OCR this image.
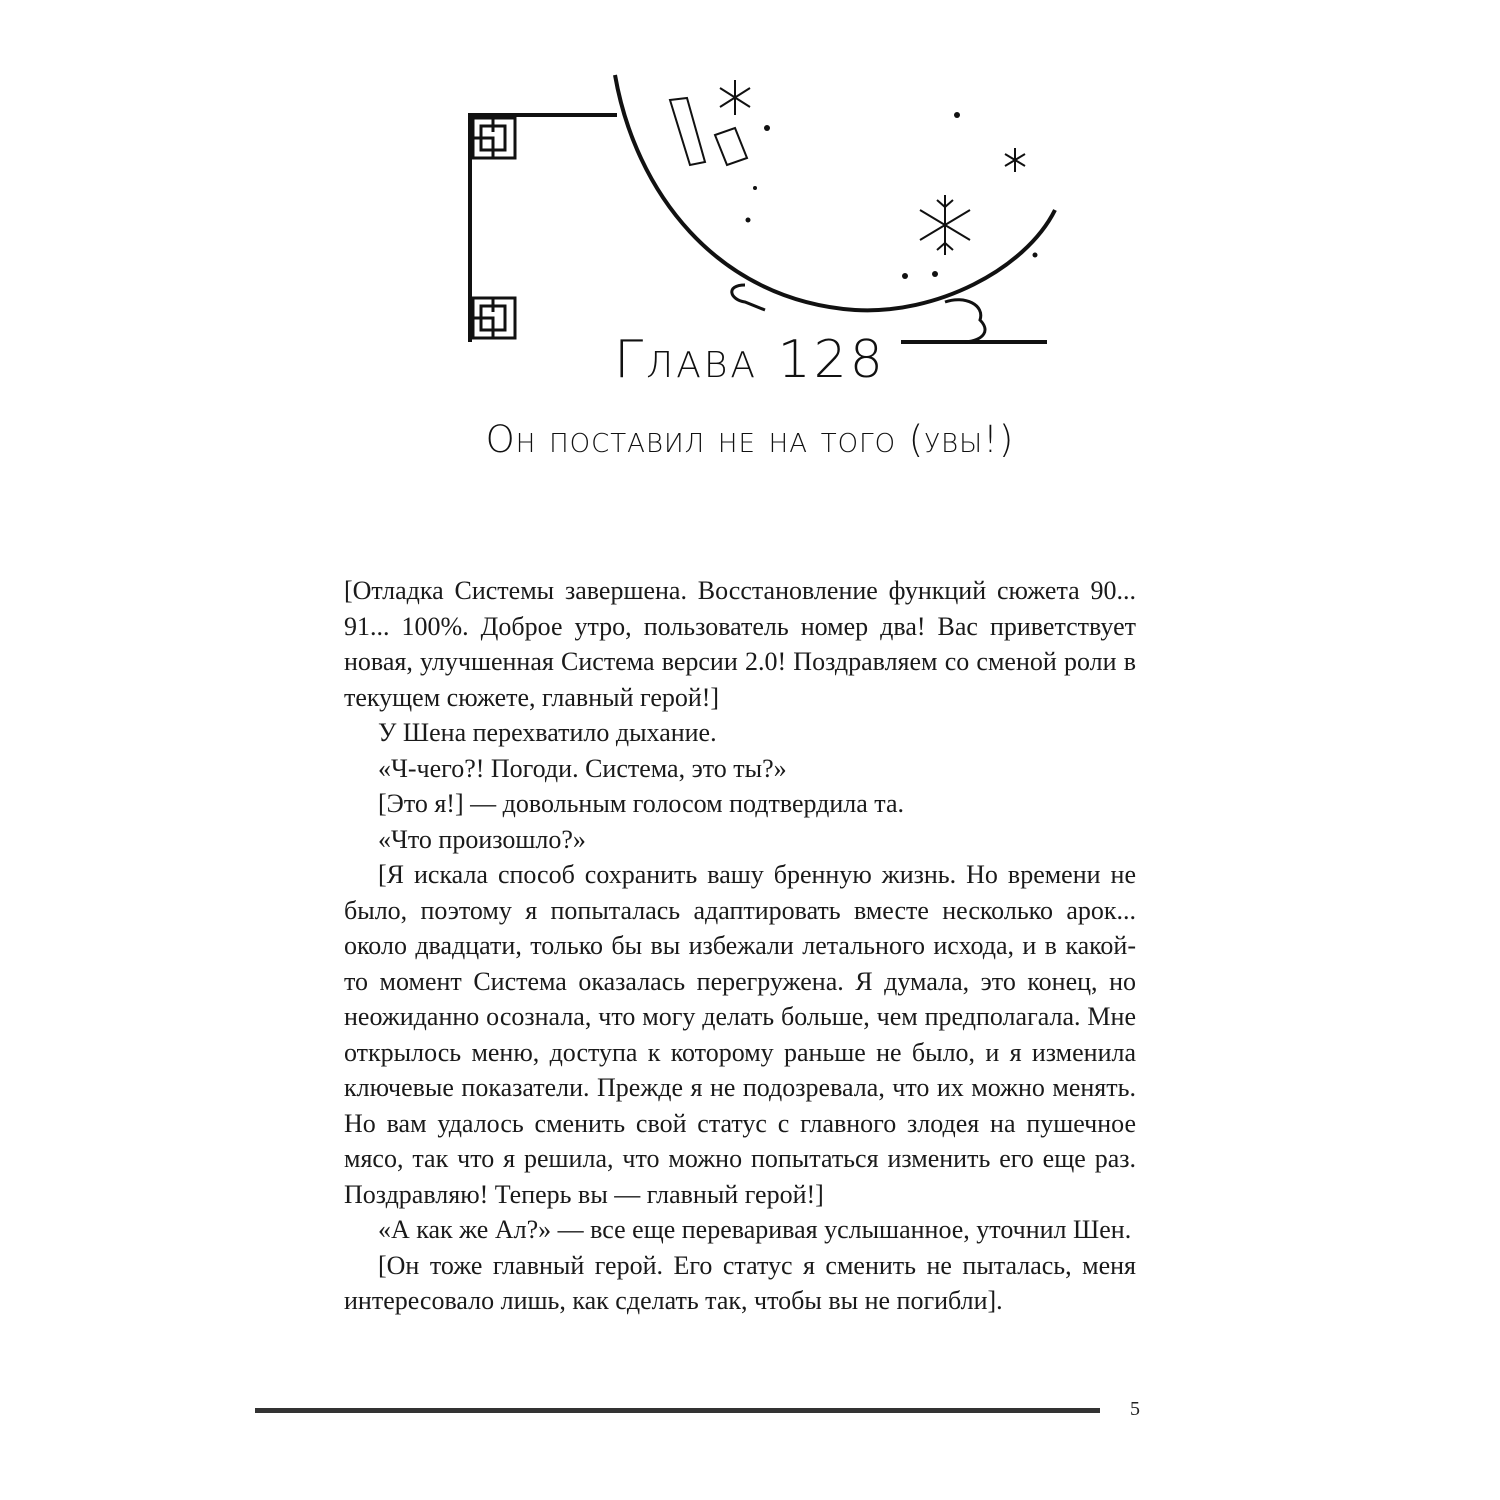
Глава 128
Он поставил не на того (увы!)

[Отладка Системы завершена. Восстановление функций сюжета 90... 91... 100%. Доброе утро, пользователь номер два! Вас приветствует новая, улучшенная Система версии 2.0! Поздравляем со сменой роли в текущем сюжете, главный герой!]

У Шена перехватило дыхание.

«Ч-чего?! Погоди. Система, это ты?»

[Это я!] — довольным голосом подтвердила та.

«Что произошло?»

[Я искала способ сохранить вашу бренную жизнь. Но времени не было, поэтому я попыталась адаптировать вместе несколько арок... около двадцати, только бы вы избежали летального исхода, и в какой-то момент Система оказалась перегружена. Я думала, это конец, но неожиданно осознала, что могу делать больше, чем предполагала. Мне открылось меню, доступа к которому раньше не было, и я изменила ключевые показатели. Прежде я не подозревала, что их можно менять. Но вам удалось сменить свой статус с главного злодея на пушечное мясо, так что я решила, что можно попытаться изменить его еще раз. Поздравляю! Теперь вы — главный герой!]

«А как же Ал?» — все еще переваривая услышанное, уточнил Шен.

[Он тоже главный герой. Его статус я сменить не пыталась, меня интересовало лишь, как сделать так, чтобы вы не погибли].

5
